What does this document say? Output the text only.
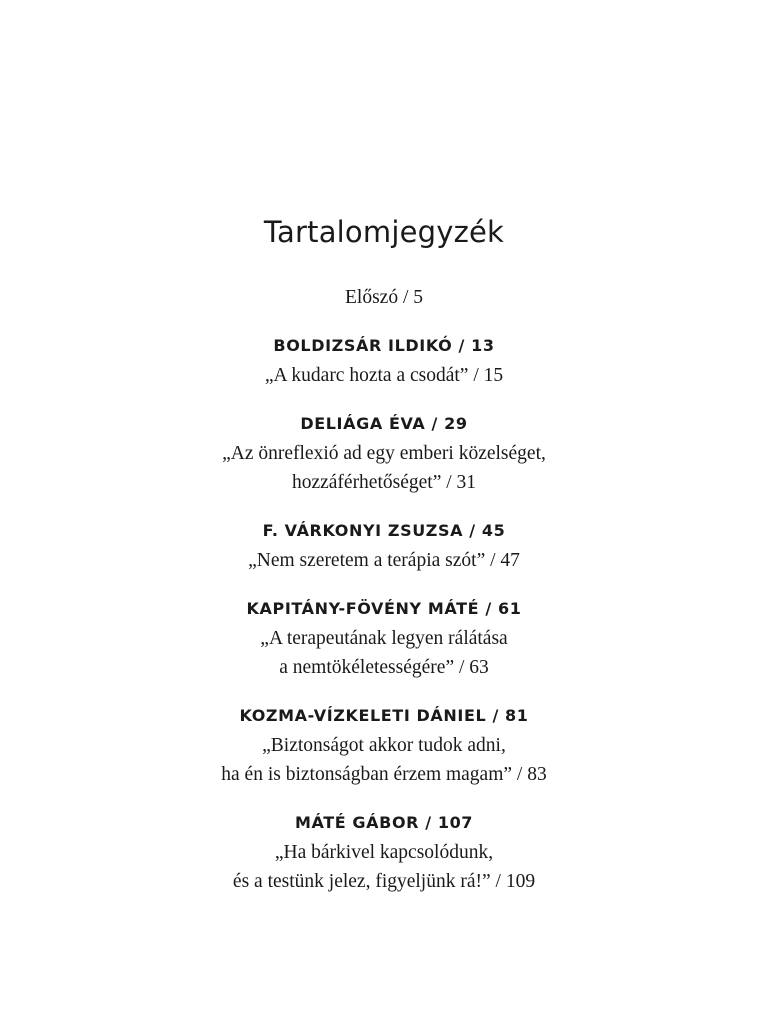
Tartalomjegyzék
Előszó / 5
BOLDIZSÁR ILDIKÓ / 13
„A kudarc hozta a csodát” / 15
DELIÁGA ÉVA / 29
„Az önreflexió ad egy emberi közelséget,
hozzáférhetőséget” / 31
F. VÁRKONYI ZSUZSA / 45
„Nem szeretem a terápia szót” / 47
KAPITÁNY-FÖVÉNY MÁTÉ / 61
„A terapeutának legyen rálátása
a nemtökéletességére” / 63
KOZMA-VÍZKELETI DÁNIEL / 81
„Biztonságot akkor tudok adni,
ha én is biztonságban érzem magam” / 83
MÁTÉ GÁBOR / 107
„Ha bárkivel kapcsolódunk,
és a testünk jelez, figyeljünk rá!” / 109
